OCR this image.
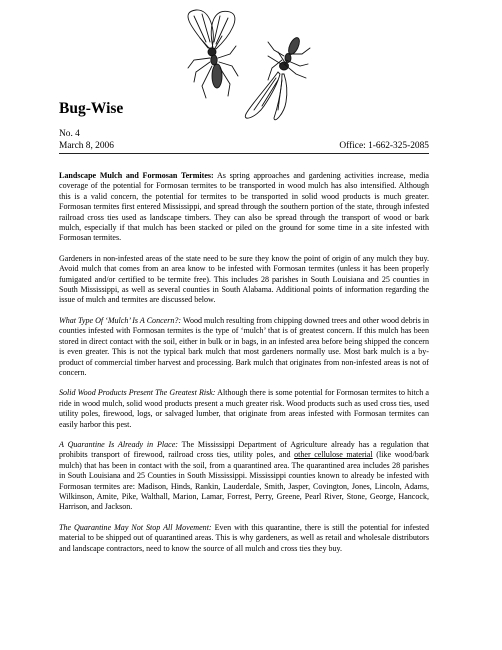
Bug-Wise
No. 4
March 8, 2006	Office: 1-662-325-2085

Landscape Mulch and Formosan Termites: As spring approaches and gardening activities increase, media coverage of the potential for Formosan termites to be transported in wood mulch has also intensified. Although this is a valid concern, the potential for termites to be transported in solid wood products is much greater. Formosan termites first entered Mississippi, and spread through the southern portion of the state, through infested railroad cross ties used as landscape timbers. They can also be spread through the transport of wood or bark mulch, especially if that mulch has been stacked or piled on the ground for some time in a site infested with Formosan termites.

Gardeners in non-infested areas of the state need to be sure they know the point of origin of any mulch they buy. Avoid mulch that comes from an area know to be infested with Formosan termites (unless it has been properly fumigated and/or certified to be termite free). This includes 28 parishes in South Louisiana and 25 counties in South Mississippi, as well as several counties in South Alabama. Additional points of information regarding the issue of mulch and termites are discussed below.

What Type Of ‘Mulch’ Is A Concern?: Wood mulch resulting from chipping downed trees and other wood debris in counties infested with Formosan termites is the type of ‘mulch’ that is of greatest concern. If this mulch has been stored in direct contact with the soil, either in bulk or in bags, in an infested area before being shipped the concern is even greater. This is not the typical bark mulch that most gardeners normally use. Most bark mulch is a by-product of commercial timber harvest and processing. Bark mulch that originates from non-infested areas is not of concern.

Solid Wood Products Present The Greatest Risk: Although there is some potential for Formosan termites to hitch a ride in wood mulch, solid wood products present a much greater risk. Wood products such as used cross ties, used utility poles, firewood, logs, or salvaged lumber, that originate from areas infested with Formosan termites can easily harbor this pest.

A Quarantine Is Already in Place: The Mississippi Department of Agriculture already has a regulation that prohibits transport of firewood, railroad cross ties, utility poles, and other cellulose material (like wood/bark mulch) that has been in contact with the soil, from a quarantined area. The quarantined area includes 28 parishes in South Louisiana and 25 Counties in South Mississippi. Mississippi counties known to already be infested with Formosan termites are: Madison, Hinds, Rankin, Lauderdale, Smith, Jasper, Covington, Jones, Lincoln, Adams, Wilkinson, Amite, Pike, Walthall, Marion, Lamar, Forrest, Perry, Greene, Pearl River, Stone, George, Hancock, Harrison, and Jackson.

The Quarantine May Not Stop All Movement: Even with this quarantine, there is still the potential for infested material to be shipped out of quarantined areas. This is why gardeners, as well as retail and wholesale distributors and landscape contractors, need to know the source of all mulch and cross ties they buy.
